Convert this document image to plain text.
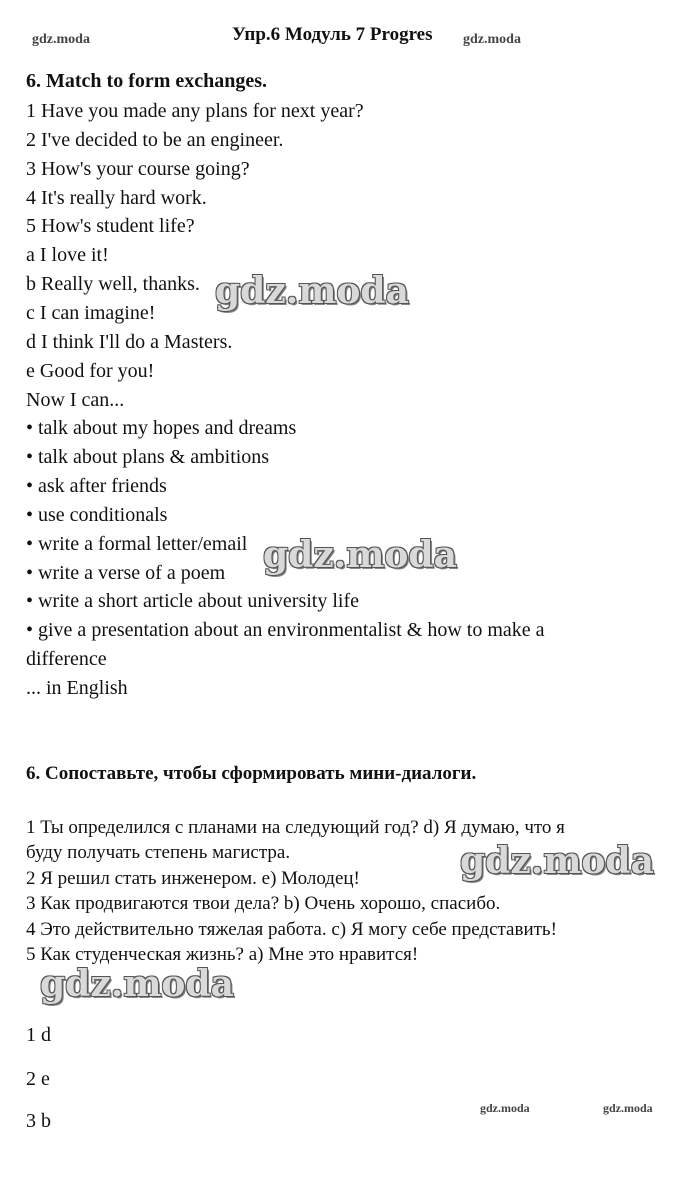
gdz.moda	Упр.6 Модуль 7 Progres gdz.moda
6. Match to form exchanges.
1 Have you made any plans for next year?
2 I've decided to be an engineer.
3 How's your course going?
4 It's really hard work.
5 How's student life?
a I love it!
b Really well, thanks.
c I can imagine!
d I think I'll do a Masters.
e Good for you!
Now I can...
• talk about my hopes and dreams
• talk about plans & ambitions
• ask after friends
• use conditionals
• write a formal letter/email
• write a verse of a poem
• write a short article about university life
• give a presentation about an environmentalist & how to make a
difference
... in English
6. Сопоставьте, чтобы сформировать мини-диалоги.
1 Ты определился с планами на следующий год? d) Я думаю, что я
буду получать степень магистра.
2 Я решил стать инженером. e) Молодец!
3 Как продвигаются твои дела? b) Очень хорошо, спасибо.
4 Это действительно тяжелая работа. c) Я могу себе представить!
5 Как студенческая жизнь? a) Мне это нравится!
1 d
2 e
3 b
gdz.moda
gdz.moda
gdz.moda
gdz.moda
gdz.moda	gdz.moda
